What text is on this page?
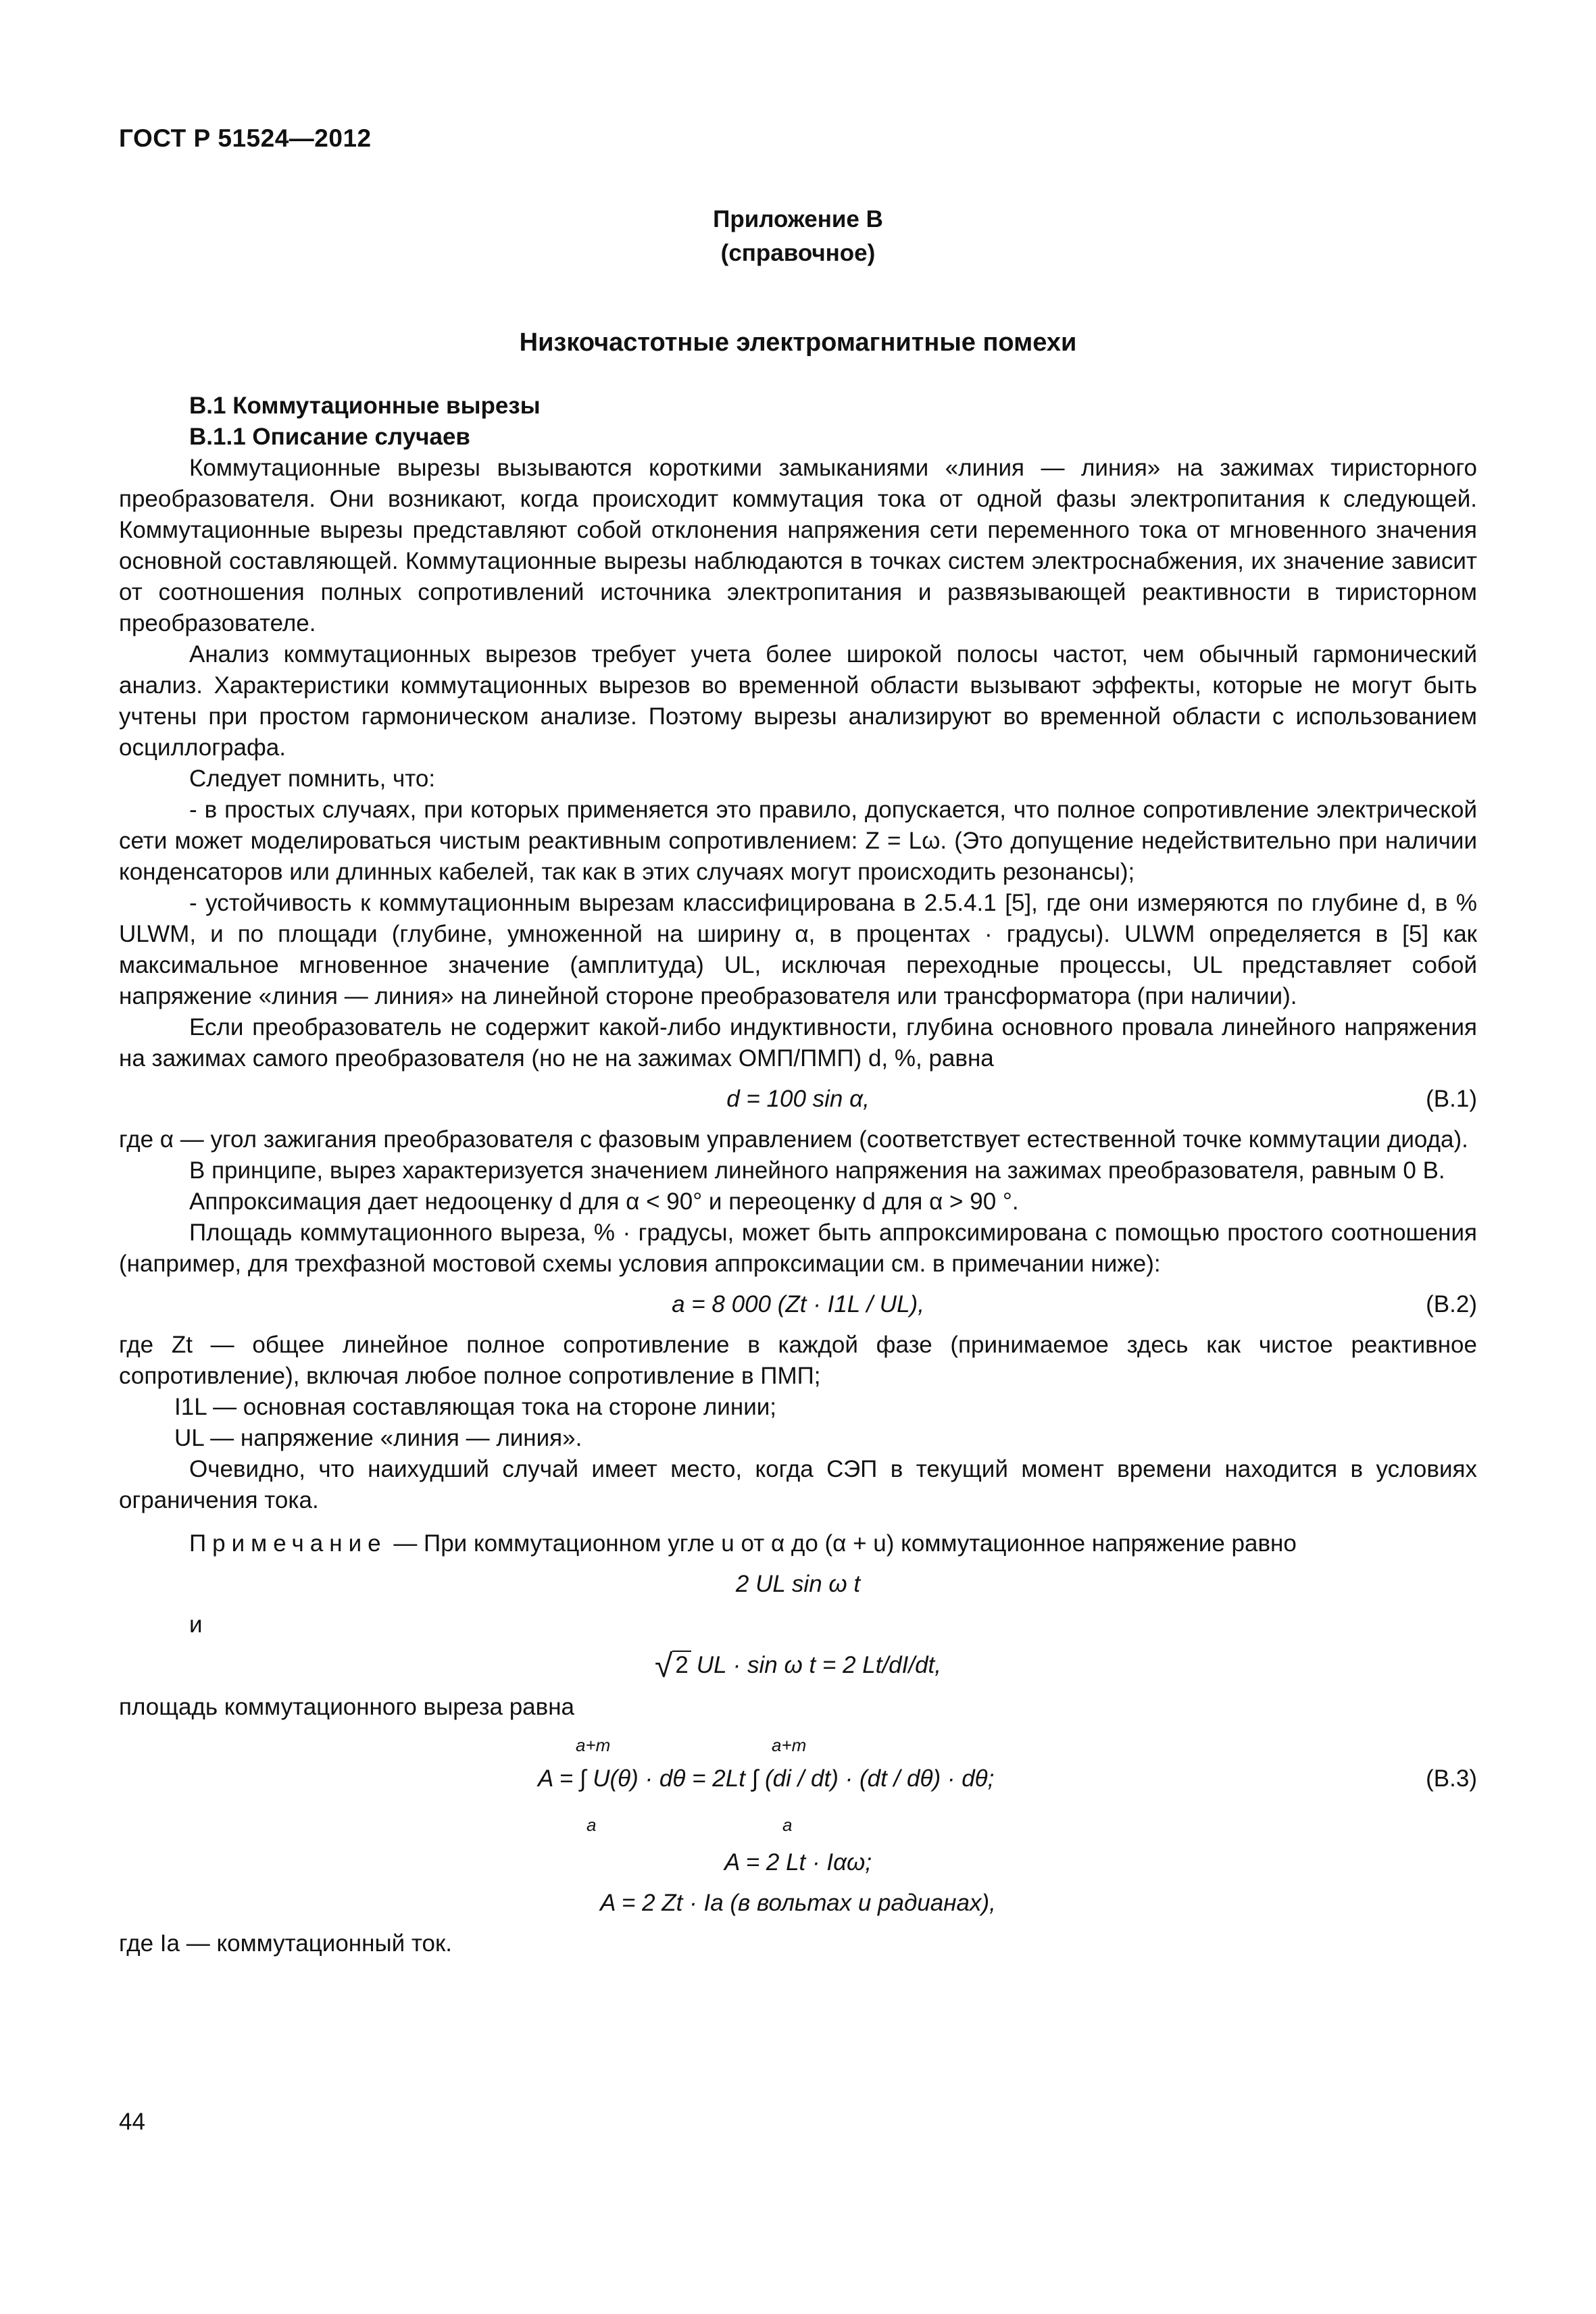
ГОСТ Р 51524—2012
Приложение В
(справочное)
Низкочастотные электромагнитные помехи

В.1 Коммутационные вырезы

В.1.1 Описание случаев

Коммутационные вырезы вызываются короткими замыканиями «линия — линия» на зажимах тиристорного преобразователя. Они возникают, когда происходит коммутация тока от одной фазы электропитания к следующей. Коммутационные вырезы представляют собой отклонения напряжения сети переменного тока от мгновенного значения основной составляющей. Коммутационные вырезы наблюдаются в точках систем электроснабжения, их значение зависит от соотношения полных сопротивлений источника электропитания и развязывающей реактивности в тиристорном преобразователе.

Анализ коммутационных вырезов требует учета более широкой полосы частот, чем обычный гармонический анализ. Характеристики коммутационных вырезов во временной области вызывают эффекты, которые не могут быть учтены при простом гармоническом анализе. Поэтому вырезы анализируют во временной области с использованием осциллографа.

Следует помнить, что:

- в простых случаях, при которых применяется это правило, допускается, что полное сопротивление электрической сети может моделироваться чистым реактивным сопротивлением: Z = Lω. (Это допущение недействительно при наличии конденсаторов или длинных кабелей, так как в этих случаях могут происходить резонансы);

- устойчивость к коммутационным вырезам классифицирована в 2.5.4.1 [5], где они измеряются по глубине d, в % ULWM, и по площади (глубине, умноженной на ширину α, в процентах · градусы). ULWM определяется в [5] как максимальное мгновенное значение (амплитуда) UL, исключая переходные процессы, UL представляет собой напряжение «линия — линия» на линейной стороне преобразователя или трансформатора (при наличии).

Если преобразователь не содержит какой-либо индуктивности, глубина основного провала линейного напряжения на зажимах самого преобразователя (но не на зажимах ОМП/ПМП) d, %, равна

d = 100 sin α,	(В.1)

где α — угол зажигания преобразователя с фазовым управлением (соответствует естественной точке коммутации диода).

В принципе, вырез характеризуется значением линейного напряжения на зажимах преобразователя, равным 0 В.

Аппроксимация дает недооценку d для α < 90° и переоценку d для α > 90 °.

Площадь коммутационного выреза, % · градусы, может быть аппроксимирована с помощью простого соотношения (например, для трехфазной мостовой схемы условия аппроксимации см. в примечании ниже):

a = 8 000 (Zt · I1L / UL),	(В.2)

где Zt — общее линейное полное сопротивление в каждой фазе (принимаемое здесь как чистое реактивное сопротивление), включая любое полное сопротивление в ПМП;

I1L — основная составляющая тока на стороне линии;

UL — напряжение «линия — линия».

Очевидно, что наихудший случай имеет место, когда СЭП в текущий момент времени находится в условиях ограничения тока.

Примечание — При коммутационном угле u от α до (α + u) коммутационное напряжение равно

2 UL sin ω t

и

√ 2 UL · sin ω t = 2 Lt/dI/dt,

площадь коммутационного выреза равна

a+m
a
a+m
a
A = ∫ U(θ) · dθ = 2Lt ∫ (di / dt) · (dt / dθ) · dθ;	(В.3)
A = 2 Lt · Iαω;
A = 2 Zt · Ia (в вольтах и радианах),

где Ia — коммутационный ток.

44
